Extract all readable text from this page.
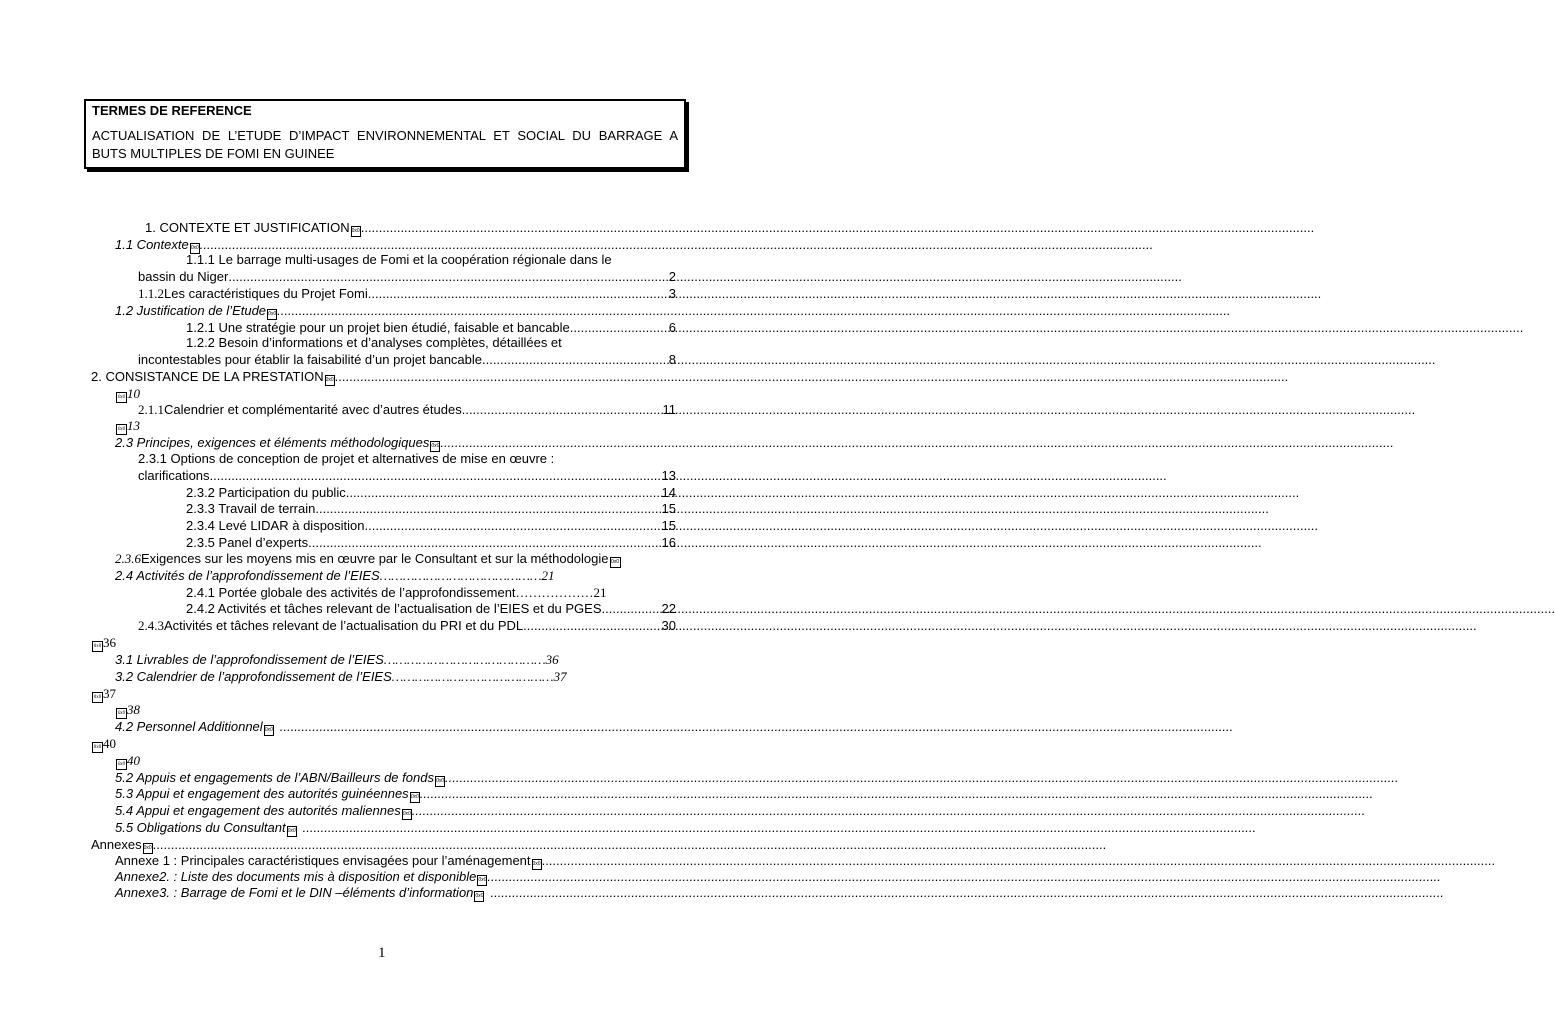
TERMES DE REFERENCE
ACTUALISATION DE L’ETUDE D’IMPACT ENVIRONNEMENTAL ET SOCIAL DU BARRAGE A BUTS MULTIPLES DE FOMI EN GUINEE
1. CONTEXTE ET JUSTIFICATION 0x0
.....
1.1 Contexte 0x0
.....
1.1.1 Le barrage multi-usages de Fomi et la coopération régionale dans le
bassin du Niger .....	2
1.1.2 Les caractéristiques du Projet Fomi .....	3
1.2 Justification de l’Etude 0x0
.....
1.2.1 Une stratégie pour un projet bien étudié, faisable et bancable .....	6
1.2.2 Besoin d’informations et d’analyses complètes, détaillées et
incontestables pour établir la faisabilité d’un projet bancable .....	8
2. CONSISTANCE DE LA PRESTATION 0x0
.....
0x0 10
2.1.1 Calendrier et complémentarité avec d’autres études .....	11
0x0 13
2.3 Principes, exigences et éléments méthodologiques 0x0
.....
2.3.1 Options de conception de projet et alternatives de mise en œuvre :
clarifications. .....	13
2.3.2 Participation du public .....	14
2.3.3 Travail de terrain .....	15
2.3.4 Levé LIDAR à disposition .....	15
2.3.5 Panel d’experts .....	16
2.3.6 Exigences sur les moyens mis en œuvre par le Consultant et sur la méthodologie 0x0
2.4 Activités de l’approfondissement de l’EIES …………………………………… 21
2.4.1 Portée globale des activités de l’approfondissement ……………… 21
2.4.2 Activités et tâches relevant de l’actualisation de l’EIES et du PGES .....	22
2.4.3 Activités et tâches relevant de l’actualisation du PRI et du PDL .....	30
0x0 36
3.1 Livrables de l’approfondissement de l’EIES …………………………………… 36
3.2 Calendrier de l’approfondissement de l’EIES …………………………………… 37
0x0 37
0x0 38
4.2 Personnel Additionnel 0x0
.....
0x0 40
0x0 40
5.2 Appuis et engagements de l’ABN/Bailleurs de fonds 0x0
.....
5.3 Appui et engagement des autorités guinéennes 0x0
.....
5.4 Appui et engagement des autorités maliennes 0x0
.....
5.5 Obligations du Consultant 0x0
.....
Annexes 0x0
.....
Annexe 1 : Principales caractéristiques envisagées pour l’aménagement 0x0
.....
Annexe2. : Liste des documents mis à disposition et disponible 0x0
.....
Annexe3. : Barrage de Fomi et le DIN –éléments d’information 0x0
.....
1
